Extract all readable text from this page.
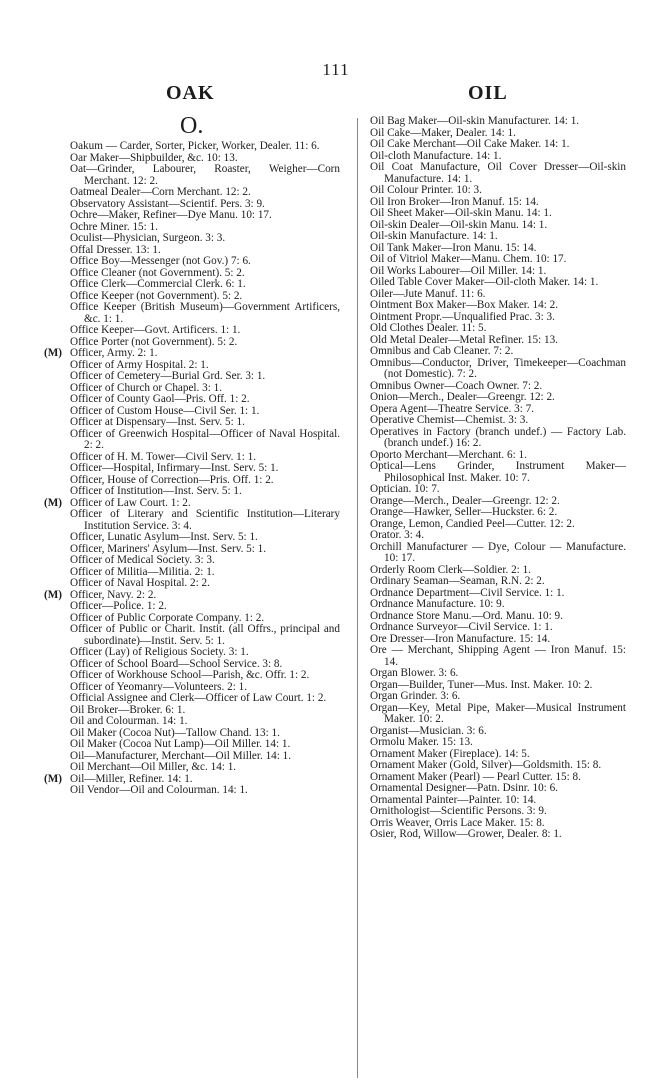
111
OAK	OIL
O.
Oakum — Carder, Sorter, Picker, Worker, Dealer. 11: 6.
Oar Maker—Shipbuilder, &c. 10: 13.
Oat—Grinder, Labourer, Roaster, Weigher—Corn Merchant. 12: 2.
Oatmeal Dealer—Corn Merchant. 12: 2.
Observatory Assistant—Scientif. Pers. 3: 9.
Ochre—Maker, Refiner—Dye Manu. 10: 17.
Ochre Miner. 15: 1.
Oculist—Physician, Surgeon. 3: 3.
Offal Dresser. 13: 1.
Office Boy—Messenger (not Gov.) 7: 6.
Office Cleaner (not Government). 5: 2.
Office Clerk—Commercial Clerk. 6: 1.
Office Keeper (not Government). 5: 2.
Office Keeper (British Museum)—Government Artificers, &c. 1: 1.
Office Keeper—Govt. Artificers. 1: 1.
Office Porter (not Government). 5: 2.
(M) Officer, Army. 2: 1.
Officer of Army Hospital. 2: 1.
Officer of Cemetery—Burial Grd. Ser. 3: 1.
Officer of Church or Chapel. 3: 1.
Officer of County Gaol—Pris. Off. 1: 2.
Officer of Custom House—Civil Ser. 1: 1.
Officer at Dispensary—Inst. Serv. 5: 1.
Officer of Greenwich Hospital—Officer of Naval Hospital. 2: 2.
Officer of H. M. Tower—Civil Serv. 1: 1.
Officer—Hospital, Infirmary—Inst. Serv. 5: 1.
Officer, House of Correction—Pris. Off. 1: 2.
Officer of Institution—Inst. Serv. 5: 1.
(M) Officer of Law Court. 1: 2.
Officer of Literary and Scientific Institution—Literary Institution Service. 3: 4.
Officer, Lunatic Asylum—Inst. Serv. 5: 1.
Officer, Mariners' Asylum—Inst. Serv. 5: 1.
Officer of Medical Society. 3: 3.
Officer of Militia—Militia. 2: 1.
Officer of Naval Hospital. 2: 2.
(M) Officer, Navy. 2: 2.
Officer—Police. 1: 2.
Officer of Public Corporate Company. 1: 2.
Officer of Public or Charit. Instit. (all Offrs., principal and subordinate)—Instit. Serv. 5: 1.
Officer (Lay) of Religious Society. 3: 1.
Officer of School Board—School Service. 3: 8.
Officer of Workhouse School—Parish, &c. Offr. 1: 2.
Officer of Yeomanry—Volunteers. 2: 1.
Official Assignee and Clerk—Officer of Law Court. 1: 2.
Oil Broker—Broker. 6: 1.
Oil and Colourman. 14: 1.
Oil Maker (Cocoa Nut)—Tallow Chand. 13: 1.
Oil Maker (Cocoa Nut Lamp)—Oil Miller. 14: 1.
Oil—Manufacturer, Merchant—Oil Miller. 14: 1.
Oil Merchant—Oil Miller, &c. 14: 1.
(M) Oil—Miller, Refiner. 14: 1.
Oil Vendor—Oil and Colourman. 14: 1.
Oil Bag Maker—Oil-skin Manufacturer. 14: 1.
Oil Cake—Maker, Dealer. 14: 1.
Oil Cake Merchant—Oil Cake Maker. 14: 1.
Oil-cloth Manufacture. 14: 1.
Oil Coat Manufacture, Oil Cover Dresser—Oil-skin Manufacture. 14: 1.
Oil Colour Printer. 10: 3.
Oil Iron Broker—Iron Manuf. 15: 14.
Oil Sheet Maker—Oil-skin Manu. 14: 1.
Oil-skin Dealer—Oil-skin Manu. 14: 1.
Oil-skin Manufacture. 14: 1.
Oil Tank Maker—Iron Manu. 15: 14.
Oil of Vitriol Maker—Manu. Chem. 10: 17.
Oil Works Labourer—Oil Miller. 14: 1.
Oiled Table Cover Maker—Oil-cloth Maker. 14: 1.
Oiler—Jute Manuf. 11: 6.
Ointment Box Maker—Box Maker. 14: 2.
Ointment Propr.—Unqualified Prac. 3: 3.
Old Clothes Dealer. 11: 5.
Old Metal Dealer—Metal Refiner. 15: 13.
Omnibus and Cab Cleaner. 7: 2.
Omnibus—Conductor, Driver, Timekeeper—Coachman (not Domestic). 7: 2.
Omnibus Owner—Coach Owner. 7: 2.
Onion—Merch., Dealer—Greengr. 12: 2.
Opera Agent—Theatre Service. 3: 7.
Operative Chemist—Chemist. 3: 3.
Operatives in Factory (branch undef.) — Factory Lab. (branch undef.) 16: 2.
Oporto Merchant—Merchant. 6: 1.
Optical—Lens Grinder, Instrument Maker—Philosophical Inst. Maker. 10: 7.
Optician. 10: 7.
Orange—Merch., Dealer—Greengr. 12: 2.
Orange—Hawker, Seller—Huckster. 6: 2.
Orange, Lemon, Candied Peel—Cutter. 12: 2.
Orator. 3: 4.
Orchill Manufacturer — Dye, Colour — Manufacture. 10: 17.
Orderly Room Clerk—Soldier. 2: 1.
Ordinary Seaman—Seaman, R.N. 2: 2.
Ordnance Department—Civil Service. 1: 1.
Ordnance Manufacture. 10: 9.
Ordnance Store Manu.—Ord. Manu. 10: 9.
Ordnance Surveyor—Civil Service. 1: 1.
Ore Dresser—Iron Manufacture. 15: 14.
Ore — Merchant, Shipping Agent — Iron Manuf. 15: 14.
Organ Blower. 3: 6.
Organ—Builder, Tuner—Mus. Inst. Maker. 10: 2.
Organ Grinder. 3: 6.
Organ—Key, Metal Pipe, Maker—Musical Instrument Maker. 10: 2.
Organist—Musician. 3: 6.
Ormolu Maker. 15: 13.
Ornament Maker (Fireplace). 14: 5.
Ornament Maker (Gold, Silver)—Goldsmith. 15: 8.
Ornament Maker (Pearl) — Pearl Cutter. 15: 8.
Ornamental Designer—Patn. Dsinr. 10: 6.
Ornamental Painter—Painter. 10: 14.
Ornithologist—Scientific Persons. 3: 9.
Orris Weaver, Orris Lace Maker. 15: 8.
Osier, Rod, Willow—Grower, Dealer. 8: 1.
